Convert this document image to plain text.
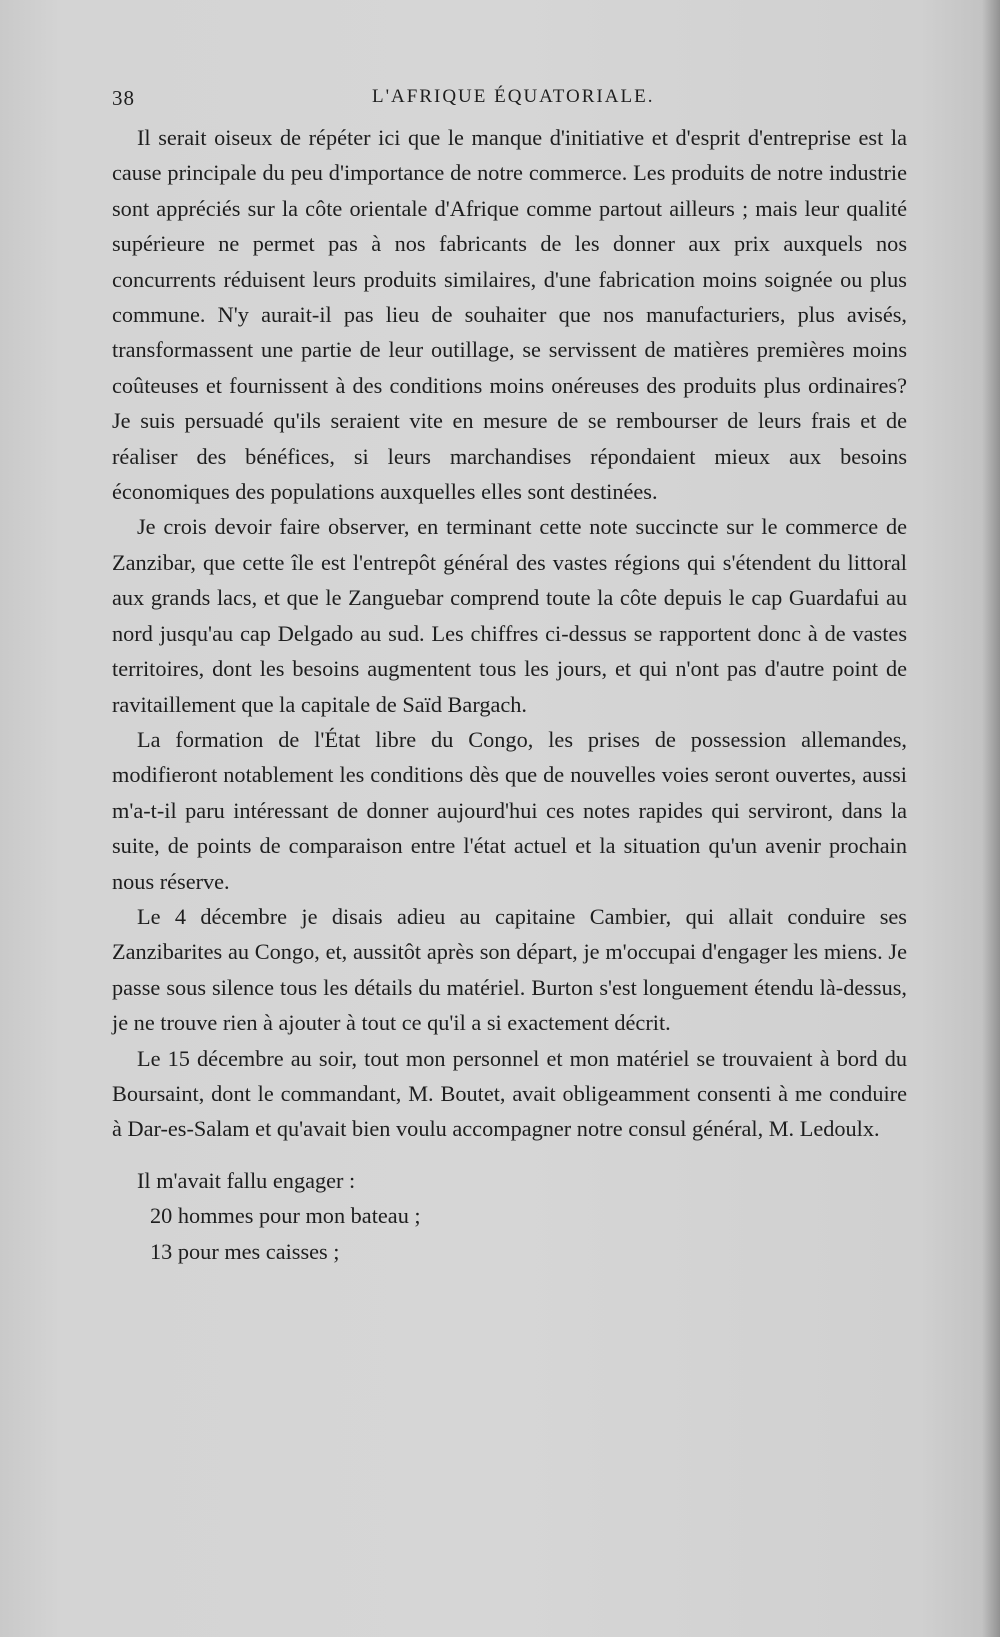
38	L'AFRIQUE ÉQUATORIALE.

Il serait oiseux de répéter ici que le manque d'initiative et d'esprit d'entreprise est la cause principale du peu d'importance de notre commerce. Les produits de notre industrie sont appréciés sur la côte orientale d'Afrique comme partout ailleurs ; mais leur qualité supérieure ne permet pas à nos fabricants de les donner aux prix auxquels nos concurrents réduisent leurs produits similaires, d'une fabrication moins soignée ou plus commune. N'y aurait-il pas lieu de souhaiter que nos manufacturiers, plus avisés, transformassent une partie de leur outillage, se servissent de matières premières moins coûteuses et fournissent à des conditions moins onéreuses des produits plus ordinaires? Je suis persuadé qu'ils seraient vite en mesure de se rembourser de leurs frais et de réaliser des bénéfices, si leurs marchandises répondaient mieux aux besoins économiques des populations auxquelles elles sont destinées.

Je crois devoir faire observer, en terminant cette note succincte sur le commerce de Zanzibar, que cette île est l'entrepôt général des vastes régions qui s'étendent du littoral aux grands lacs, et que le Zanguebar comprend toute la côte depuis le cap Guardafui au nord jusqu'au cap Delgado au sud. Les chiffres ci-dessus se rapportent donc à de vastes territoires, dont les besoins augmentent tous les jours, et qui n'ont pas d'autre point de ravitaillement que la capitale de Saïd Bargach.

La formation de l'État libre du Congo, les prises de possession allemandes, modifieront notablement les conditions dès que de nouvelles voies seront ouvertes, aussi m'a-t-il paru intéressant de donner aujourd'hui ces notes rapides qui serviront, dans la suite, de points de comparaison entre l'état actuel et la situation qu'un avenir prochain nous réserve.

Le 4 décembre je disais adieu au capitaine Cambier, qui allait conduire ses Zanzibarites au Congo, et, aussitôt après son départ, je m'occupai d'engager les miens. Je passe sous silence tous les détails du matériel. Burton s'est longuement étendu là-dessus, je ne trouve rien à ajouter à tout ce qu'il a si exactement décrit.

Le 15 décembre au soir, tout mon personnel et mon matériel se trouvaient à bord du Boursaint, dont le commandant, M. Boutet, avait obligeamment consenti à me conduire à Dar-es-Salam et qu'avait bien voulu accompagner notre consul général, M. Ledoulx.

Il m'avait fallu engager :

20 hommes pour mon bateau ;

13 pour mes caisses ;
